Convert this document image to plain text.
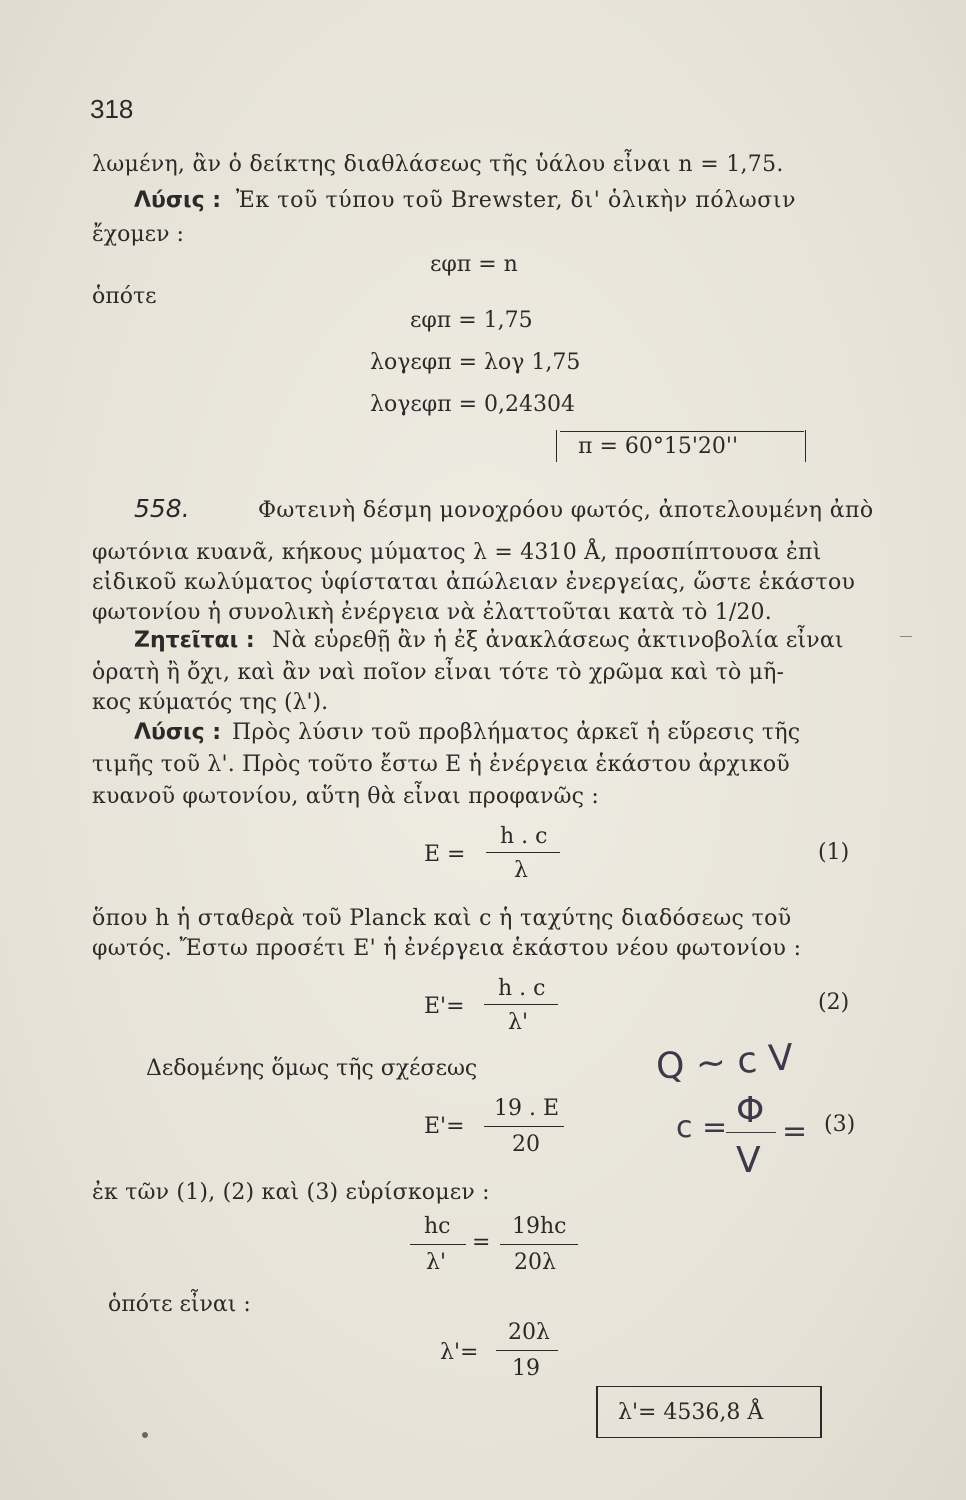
318
λωμένη, ἂν ὁ δείκτης διαθλάσεως τῆς ὑάλου εἶναι n = 1,75.
Λύσις : Ἐκ τοῦ τύπου τοῦ Brewster, δι' ὁλικὴν πόλωσιν
ἔχομεν :
εφπ = n
ὁπότε
εφπ = 1,75
λογεφπ = λογ 1,75
λογεφπ = 0,24304
π = 60°15'20''
558.	Φωτεινὴ δέσμη μονοχρόου φωτός, ἀποτελουμένη ἀπὸ
φωτόνια κυανᾶ, κήκους μύματος λ = 4310 Å, προσπίπτουσα ἐπὶ
εἰδικοῦ κωλύματος ὑφίσταται ἀπώλειαν ἐνεργείας, ὥστε ἑκάστου
φωτονίου ἡ συνολικὴ ἐνέργεια νὰ ἐλαττοῦται κατὰ τὸ 1/20.
Ζητεῖται : Νὰ εὑρεθῇ ἂν ἡ ἐξ ἀνακλάσεως ἀκτινοβολία εἶναι
ὁρατὴ ἢ ὄχι, καὶ ἂν ναὶ ποῖον εἶναι τότε τὸ χρῶμα καὶ τὸ μῆ-
κος κύματός της (λ').
Λύσις : Πρὸς λύσιν τοῦ προβλήματος ἀρκεῖ ἡ εὕρεσις τῆς
τιμῆς τοῦ λ'. Πρὸς τοῦτο ἔστω Ε ἡ ἐνέργεια ἑκάστου ἀρχικοῦ
κυανοῦ φωτονίου, αὕτη θὰ εἶναι προφανῶς :
E =
h . c
λ
(1)
ὅπου h ἡ σταθερὰ τοῦ Planck καὶ c ἡ ταχύτης διαδόσεως τοῦ
φωτός. Ἔστω προσέτι Ε' ἡ ἐνέργεια ἑκάστου νέου φωτονίου :
E'=
h . c
λ'
(2)
Δεδομένης ὅμως τῆς σχέσεως	Q ~ c V
c = Φ
=
V
E'=
19 . E
20
(3)
ἐκ τῶν (1), (2) καὶ (3) εὑρίσκομεν :
hc
λ'
=
19hc
20λ
ὁπότε εἶναι :
λ'=
20λ
19
λ'= 4536,8 Å
